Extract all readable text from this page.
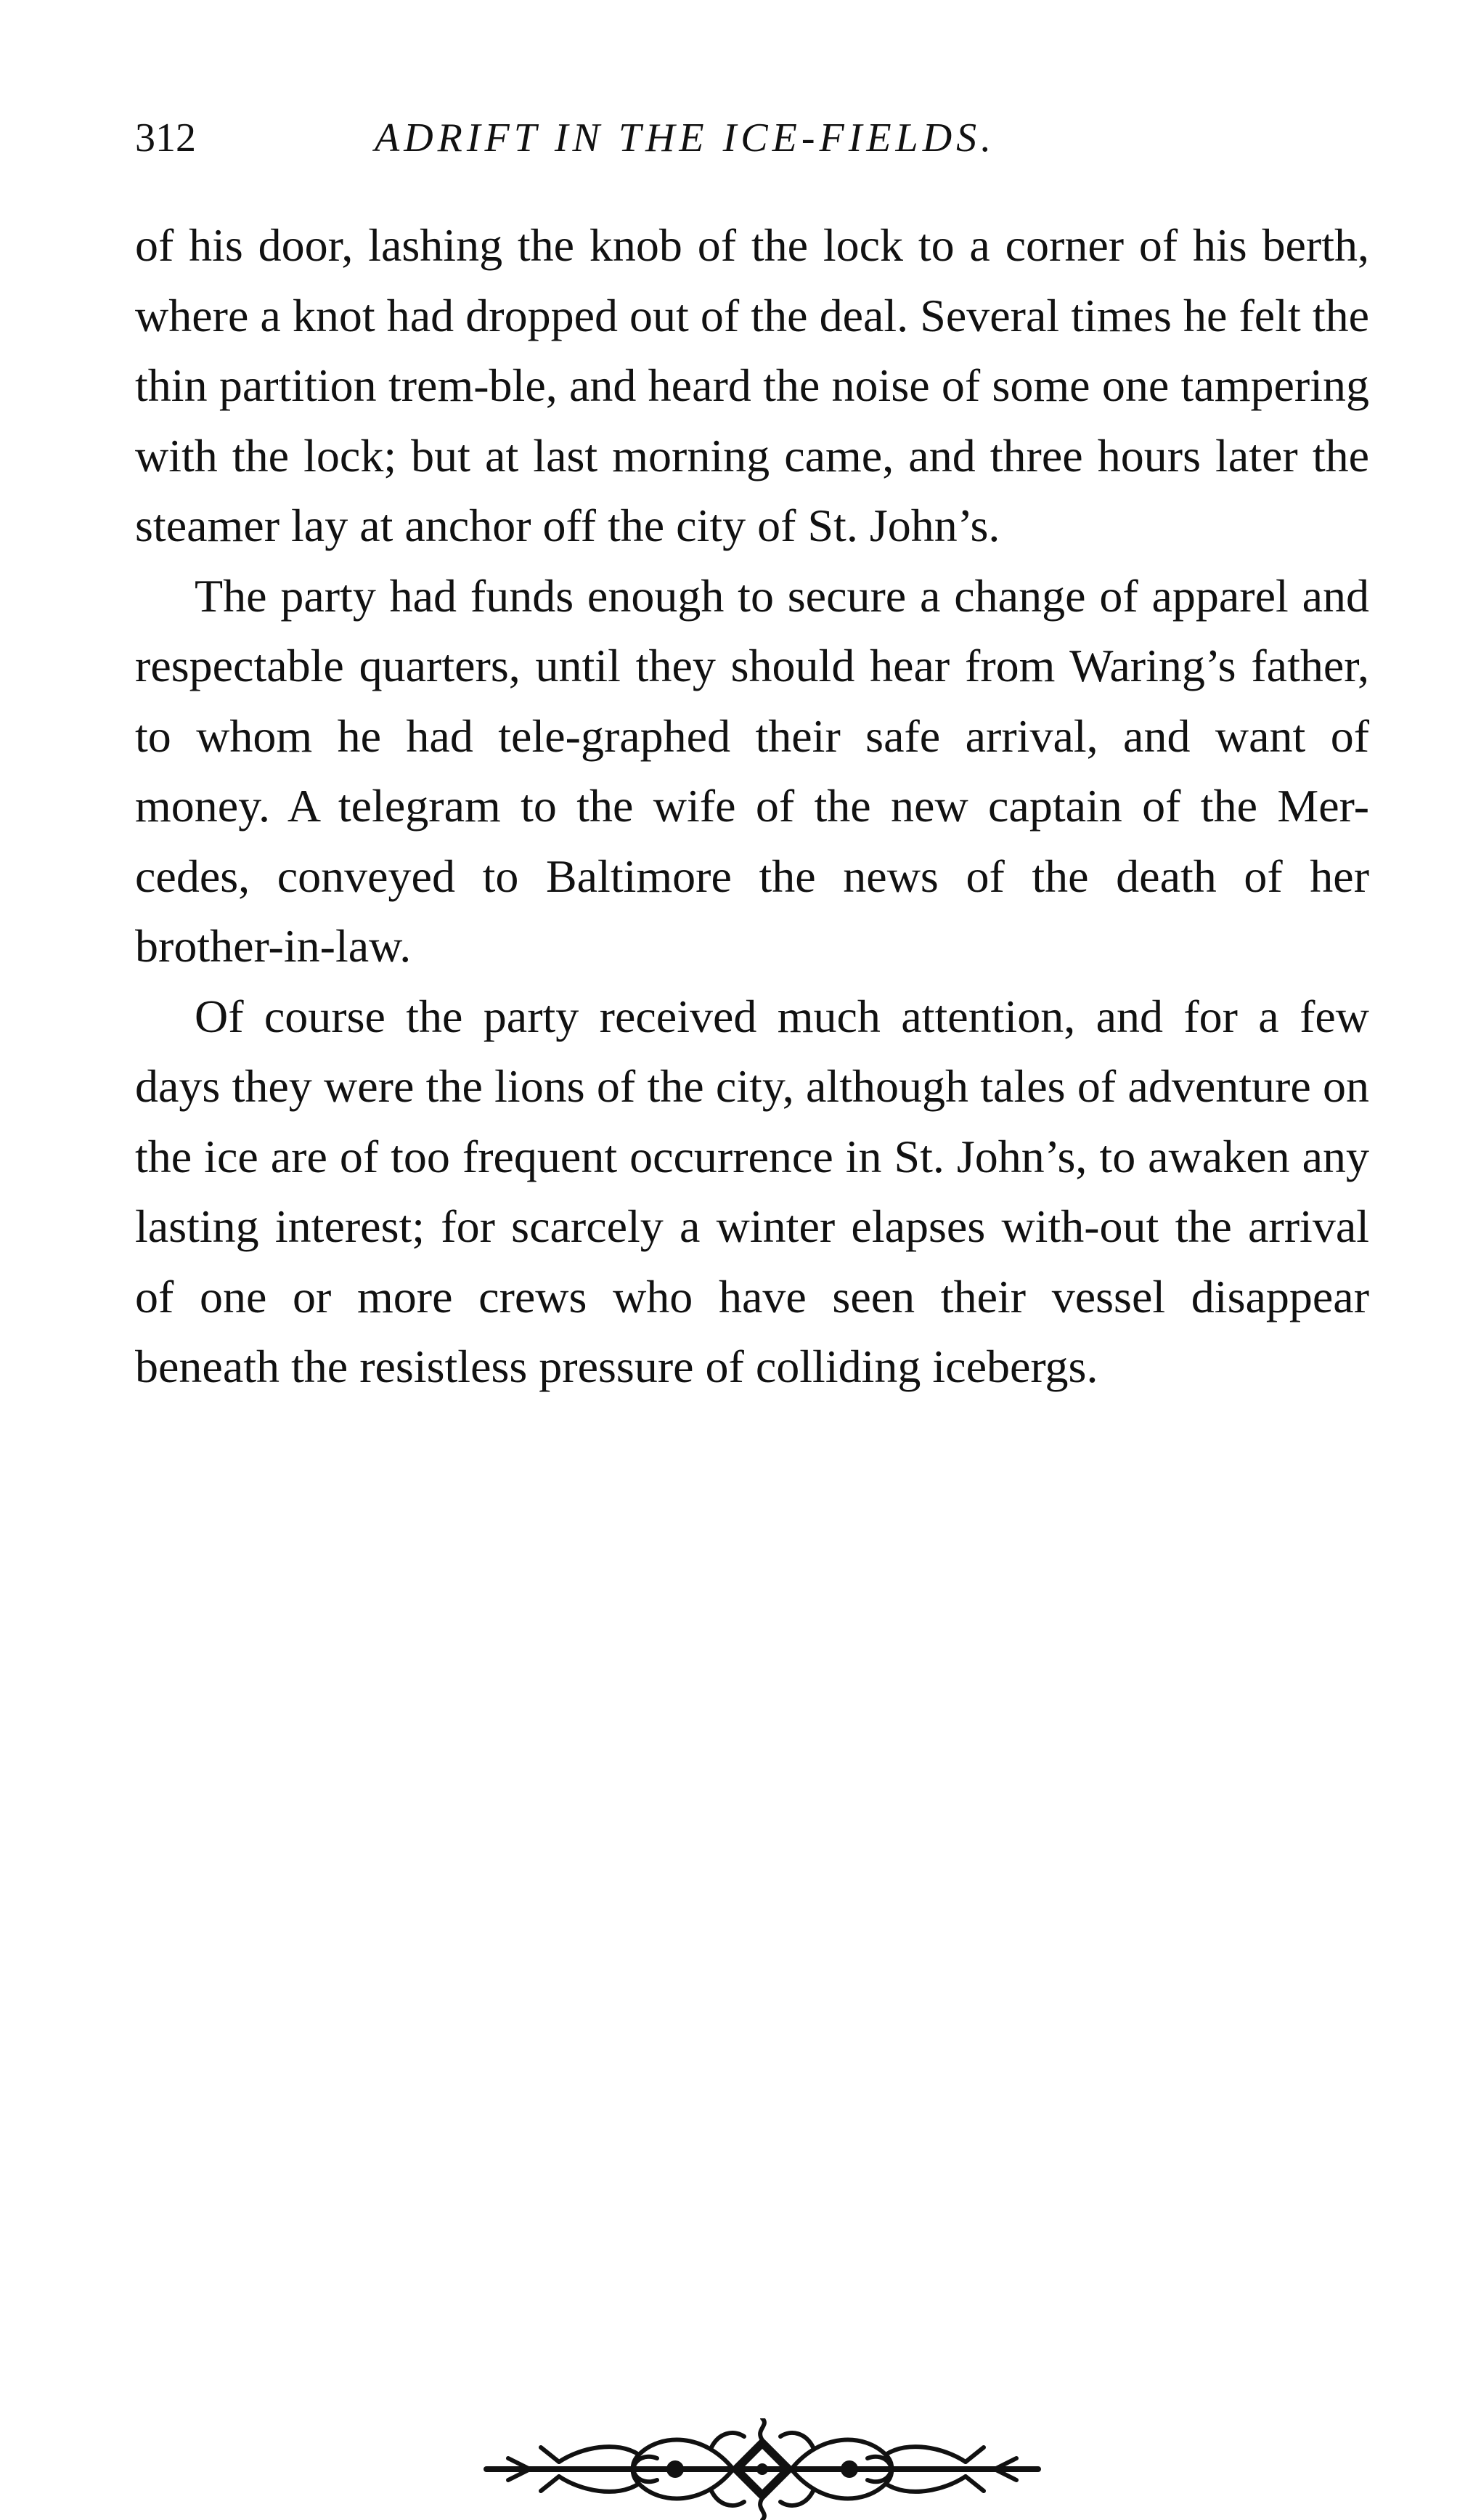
312	ADRIFT IN THE ICE-FIELDS.

of his door, lashing the knob of the lock to a corner of his berth, where a knot had dropped out of the deal. Several times he felt the thin partition trem-ble, and heard the noise of some one tampering with the lock; but at last morning came, and three hours later the steamer lay at anchor off the city of St. John’s.

The party had funds enough to secure a change of apparel and respectable quarters, until they should hear from Waring’s father, to whom he had tele-graphed their safe arrival, and want of money. A telegram to the wife of the new captain of the Mer-cedes, conveyed to Baltimore the news of the death of her brother-in-law.

Of course the party received much attention, and for a few days they were the lions of the city, although tales of adventure on the ice are of too frequent occurrence in St. John’s, to awaken any lasting interest; for scarcely a winter elapses with-out the arrival of one or more crews who have seen their vessel disappear beneath the resistless pressure of colliding icebergs.
